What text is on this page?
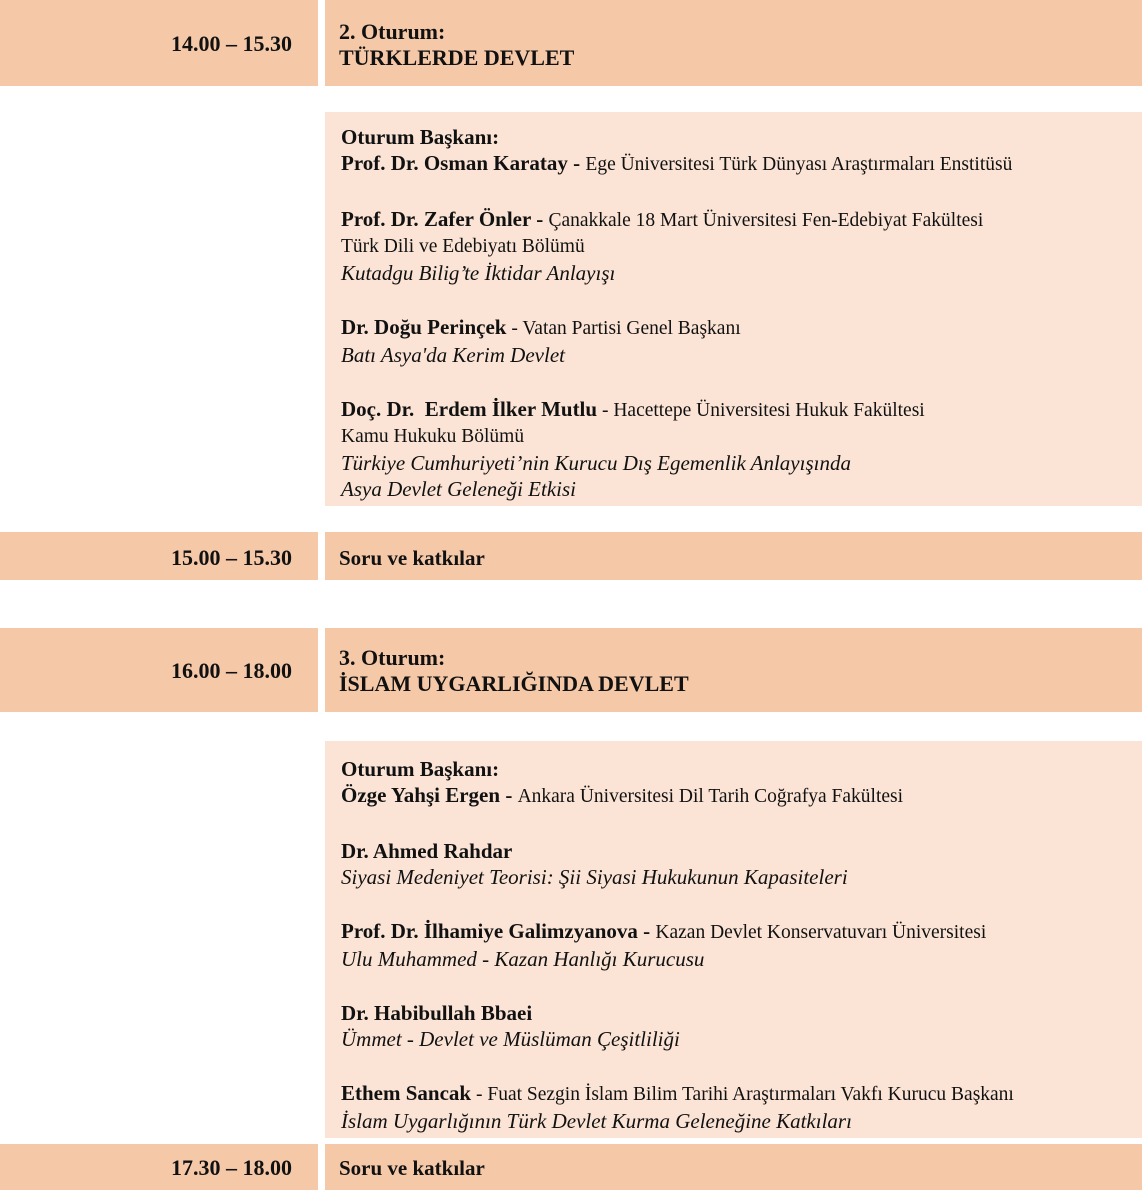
14.00 – 15.30 2. Oturum:
TÜRKLERDE DEVLET
Oturum Başkanı:
Prof. Dr. Osman Karatay - Ege Üniversitesi Türk Dünyası Araştırmaları Enstitüsü
Prof. Dr. Zafer Önler - Çanakkale 18 Mart Üniversitesi Fen-Edebiyat Fakültesi
Türk Dili ve Edebiyatı Bölümü
Kutadgu Bilig’te İktidar Anlayışı
Dr. Doğu Perinçek - Vatan Partisi Genel Başkanı
Batı Asya'da Kerim Devlet
Doç. Dr.  Erdem İlker Mutlu - Hacettepe Üniversitesi Hukuk Fakültesi
Kamu Hukuku Bölümü
Türkiye Cumhuriyeti’nin Kurucu Dış Egemenlik Anlayışında
Asya Devlet Geleneği Etkisi
15.00 – 15.30 Soru ve katkılar
16.00 – 18.00
3. Oturum:
İSLAM UYGARLIĞINDA DEVLET
Oturum Başkanı:
Özge Yahşi Ergen - Ankara Üniversitesi Dil Tarih Coğrafya Fakültesi
Dr. Ahmed Rahdar
Siyasi Medeniyet Teorisi: Şii Siyasi Hukukunun Kapasiteleri
Prof. Dr. İlhamiye Galimzyanova - Kazan Devlet Konservatuvarı Üniversitesi
Ulu Muhammed - Kazan Hanlığı Kurucusu
Dr. Habibullah Bbaei
Ümmet - Devlet ve Müslüman Çeşitliliği
Ethem Sancak - Fuat Sezgin İslam Bilim Tarihi Araştırmaları Vakfı Kurucu Başkanı
İslam Uygarlığının Türk Devlet Kurma Geleneğine Katkıları
17.30 – 18.00 Soru ve katkılar
